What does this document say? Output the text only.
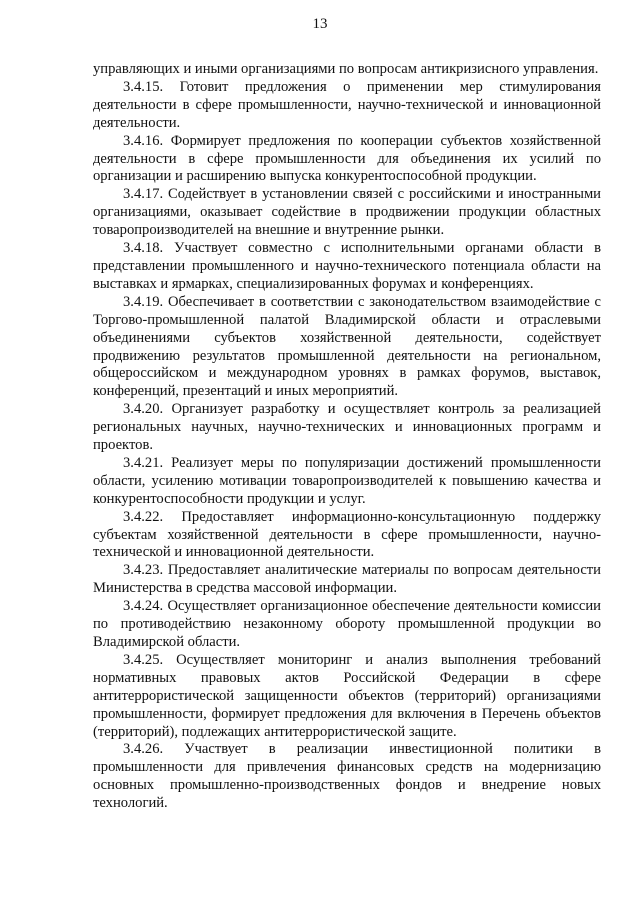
13

управляющих и иными организациями по вопросам антикризисного управления.

3.4.15. Готовит предложения о применении мер стимулирования деятельности в сфере промышленности, научно-технической и инновационной деятельности.

3.4.16. Формирует предложения по кооперации субъектов хозяйственной деятельности в сфере промышленности для объединения их усилий по организации и расширению выпуска конкурентоспособной продукции.

3.4.17. Содействует в установлении связей с российскими и иностранными организациями, оказывает содействие в продвижении продукции областных товаропроизводителей на внешние и внутренние рынки.

3.4.18. Участвует совместно с исполнительными органами области в представлении промышленного и научно-технического потенциала области на выставках и ярмарках, специализированных форумах и конференциях.

3.4.19. Обеспечивает в соответствии с законодательством взаимодействие с Торгово-промышленной палатой Владимирской области и отраслевыми объединениями субъектов хозяйственной деятельности, содействует продвижению результатов промышленной деятельности на региональном, общероссийском и международном уровнях в рамках форумов, выставок, конференций, презентаций и иных мероприятий.

3.4.20. Организует разработку и осуществляет контроль за реализацией региональных научных, научно-технических и инновационных программ и проектов.

3.4.21. Реализует меры по популяризации достижений промышленности области, усилению мотивации товаропроизводителей к повышению качества и конкурентоспособности продукции и услуг.

3.4.22. Предоставляет информационно-консультационную поддержку субъектам хозяйственной деятельности в сфере промышленности, научно-технической и инновационной деятельности.

3.4.23. Предоставляет аналитические материалы по вопросам деятельности Министерства в средства массовой информации.

3.4.24. Осуществляет организационное обеспечение деятельности комиссии по противодействию незаконному обороту промышленной продукции во Владимирской области.

3.4.25. Осуществляет мониторинг и анализ выполнения требований нормативных правовых актов Российской Федерации в сфере антитеррористической защищенности объектов (территорий) организациями промышленности, формирует предложения для включения в Перечень объектов (территорий), подлежащих антитеррористической защите.

3.4.26. Участвует в реализации инвестиционной политики в промышленности для привлечения финансовых средств на модернизацию основных промышленно-производственных фондов и внедрение новых технологий.
